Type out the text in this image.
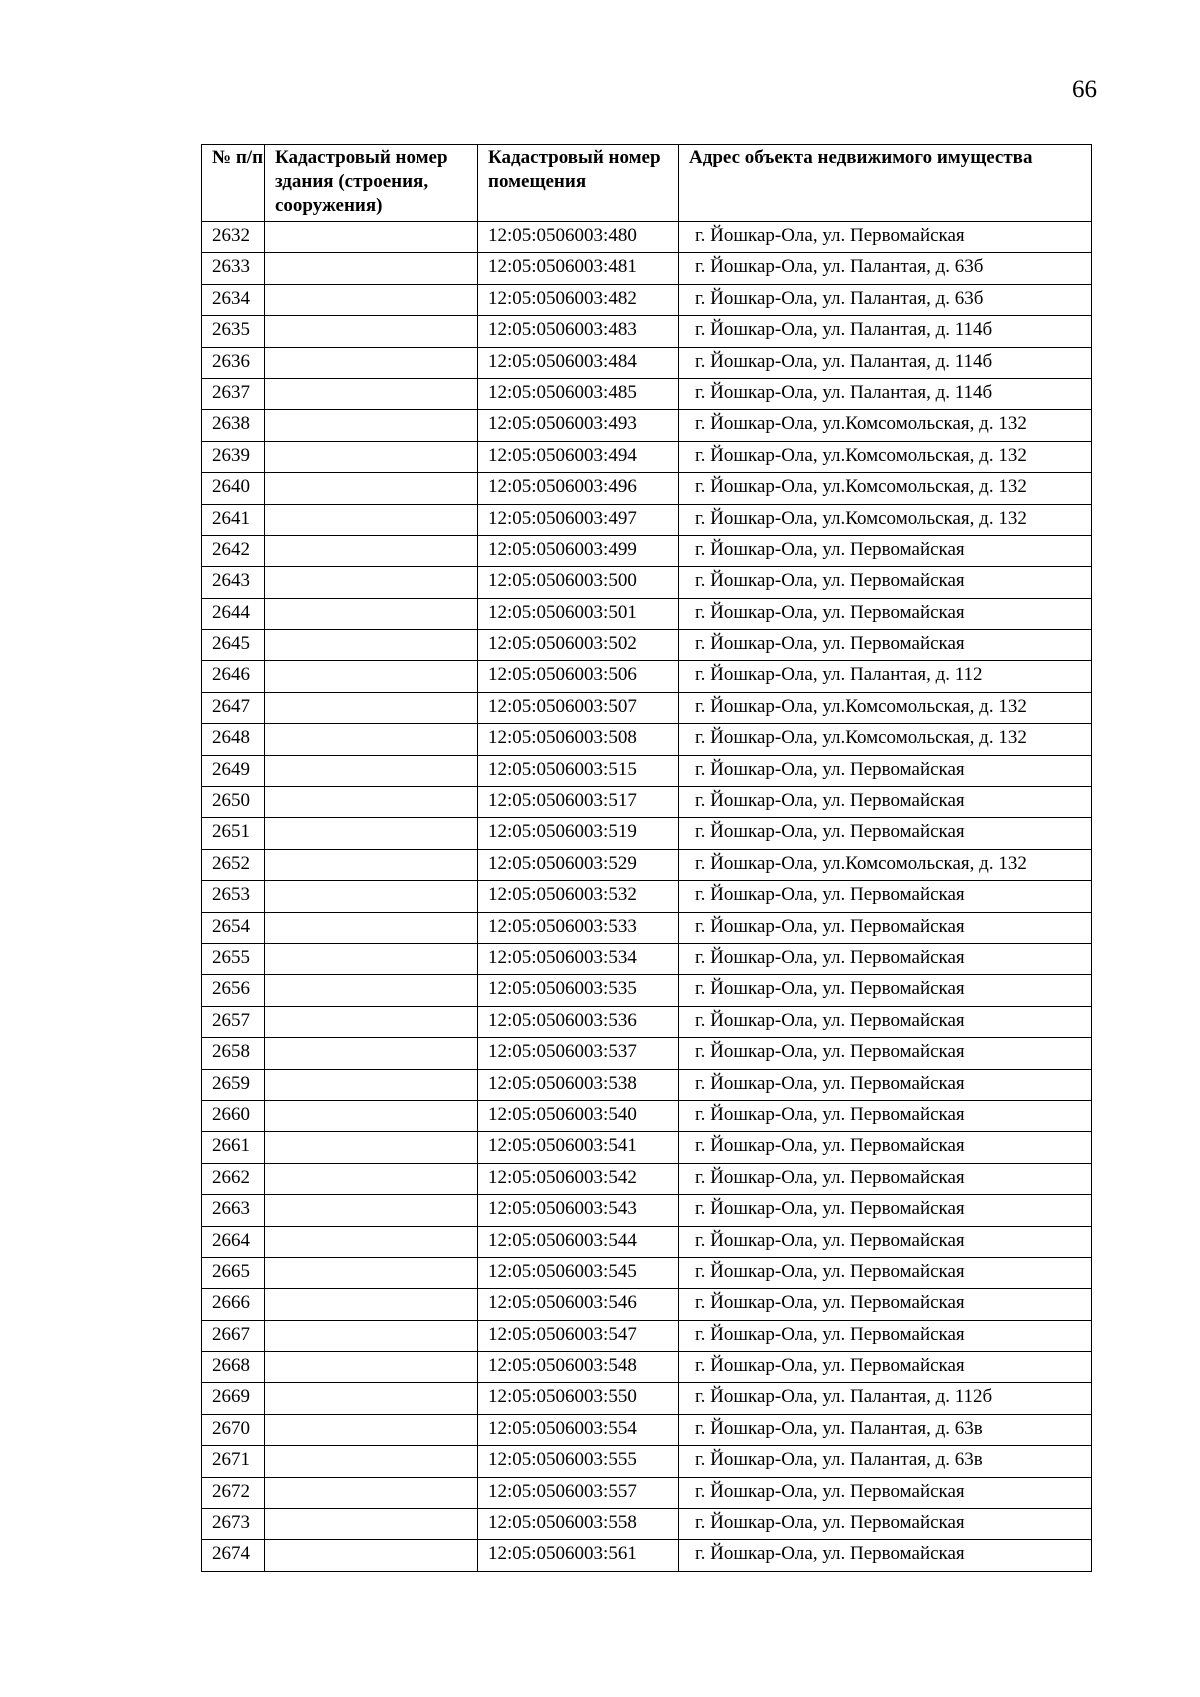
66
№ п/п	Кадастровый номер здания (строения, сооружения)	Кадастровый номер помещения	Адрес объекта недвижимого имущества
2632		12:05:0506003:480	г. Йошкар-Ола, ул. Первомайская
2633		12:05:0506003:481	г. Йошкар-Ола, ул. Палантая, д. 63б
2634		12:05:0506003:482	г. Йошкар-Ола, ул. Палантая, д. 63б
2635		12:05:0506003:483	г. Йошкар-Ола, ул. Палантая, д. 114б
2636		12:05:0506003:484	г. Йошкар-Ола, ул. Палантая, д. 114б
2637		12:05:0506003:485	г. Йошкар-Ола, ул. Палантая, д. 114б
2638		12:05:0506003:493	г. Йошкар-Ола, ул.Комсомольская, д. 132
2639		12:05:0506003:494	г. Йошкар-Ола, ул.Комсомольская, д. 132
2640		12:05:0506003:496	г. Йошкар-Ола, ул.Комсомольская, д. 132
2641		12:05:0506003:497	г. Йошкар-Ола, ул.Комсомольская, д. 132
2642		12:05:0506003:499	г. Йошкар-Ола, ул. Первомайская
2643		12:05:0506003:500	г. Йошкар-Ола, ул. Первомайская
2644		12:05:0506003:501	г. Йошкар-Ола, ул. Первомайская
2645		12:05:0506003:502	г. Йошкар-Ола, ул. Первомайская
2646		12:05:0506003:506	г. Йошкар-Ола, ул. Палантая, д. 112
2647		12:05:0506003:507	г. Йошкар-Ола, ул.Комсомольская, д. 132
2648		12:05:0506003:508	г. Йошкар-Ола, ул.Комсомольская, д. 132
2649		12:05:0506003:515	г. Йошкар-Ола, ул. Первомайская
2650		12:05:0506003:517	г. Йошкар-Ола, ул. Первомайская
2651		12:05:0506003:519	г. Йошкар-Ола, ул. Первомайская
2652		12:05:0506003:529	г. Йошкар-Ола, ул.Комсомольская, д. 132
2653		12:05:0506003:532	г. Йошкар-Ола, ул. Первомайская
2654		12:05:0506003:533	г. Йошкар-Ола, ул. Первомайская
2655		12:05:0506003:534	г. Йошкар-Ола, ул. Первомайская
2656		12:05:0506003:535	г. Йошкар-Ола, ул. Первомайская
2657		12:05:0506003:536	г. Йошкар-Ола, ул. Первомайская
2658		12:05:0506003:537	г. Йошкар-Ола, ул. Первомайская
2659		12:05:0506003:538	г. Йошкар-Ола, ул. Первомайская
2660		12:05:0506003:540	г. Йошкар-Ола, ул. Первомайская
2661		12:05:0506003:541	г. Йошкар-Ола, ул. Первомайская
2662		12:05:0506003:542	г. Йошкар-Ола, ул. Первомайская
2663		12:05:0506003:543	г. Йошкар-Ола, ул. Первомайская
2664		12:05:0506003:544	г. Йошкар-Ола, ул. Первомайская
2665		12:05:0506003:545	г. Йошкар-Ола, ул. Первомайская
2666		12:05:0506003:546	г. Йошкар-Ола, ул. Первомайская
2667		12:05:0506003:547	г. Йошкар-Ола, ул. Первомайская
2668		12:05:0506003:548	г. Йошкар-Ола, ул. Первомайская
2669		12:05:0506003:550	г. Йошкар-Ола, ул. Палантая, д. 112б
2670		12:05:0506003:554	г. Йошкар-Ола, ул. Палантая, д. 63в
2671		12:05:0506003:555	г. Йошкар-Ола, ул. Палантая, д. 63в
2672		12:05:0506003:557	г. Йошкар-Ола, ул. Первомайская
2673		12:05:0506003:558	г. Йошкар-Ола, ул. Первомайская
2674		12:05:0506003:561	г. Йошкар-Ола, ул. Первомайская
